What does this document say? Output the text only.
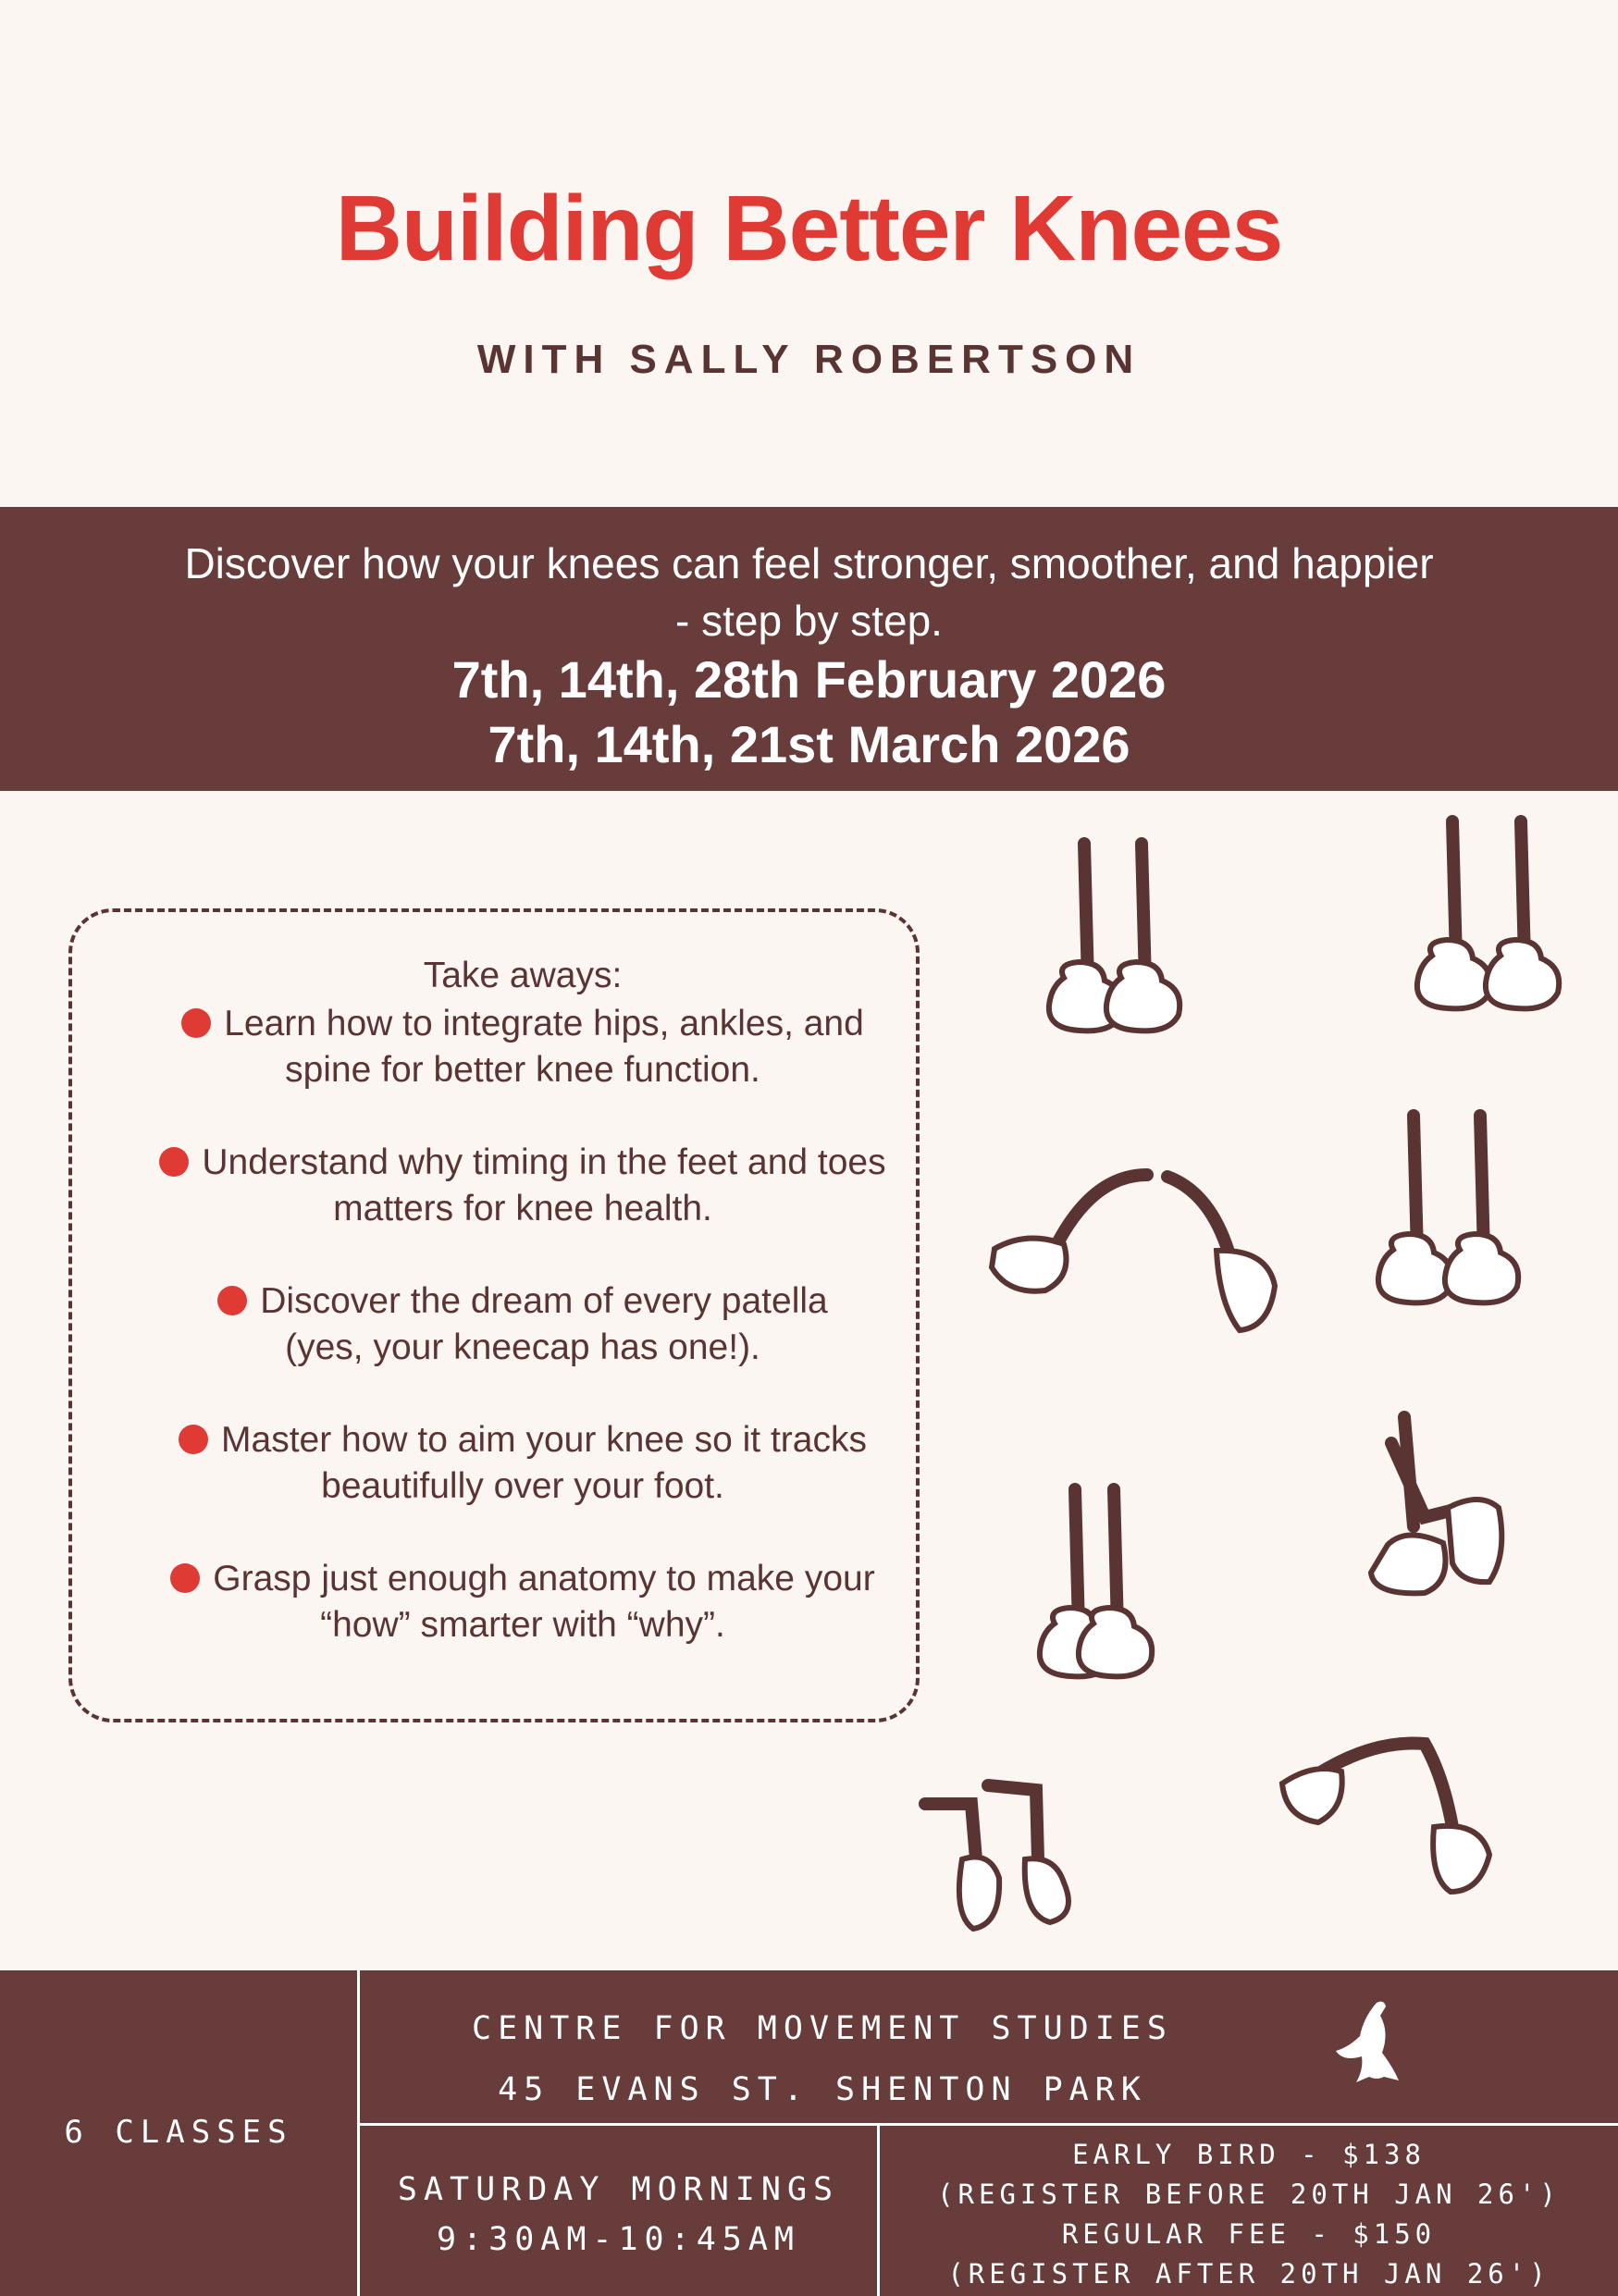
Building Better Knees
WITH SALLY ROBERTSON
Discover how your knees can feel stronger, smoother, and happier
- step by step.
7th, 14th, 28th February 2026
7th, 14th, 21st March 2026
Take aways:
Learn how to integrate hips, ankles, and
spine for better knee function.
Understand why timing in the feet and toes
matters for knee health.
Discover the dream of every patella
(yes, your kneecap has one!).
Master how to aim your knee so it tracks
beautifully over your foot.
Grasp just enough anatomy to make your
“how” smarter with “why”.
6 CLASSES
CENTRE FOR MOVEMENT STUDIES
45 EVANS ST. SHENTON PARK
SATURDAY MORNINGS
9:30AM-10:45AM
EARLY BIRD - $138
(REGISTER BEFORE 20TH JAN 26')
REGULAR FEE - $150
(REGISTER AFTER 20TH JAN 26')
